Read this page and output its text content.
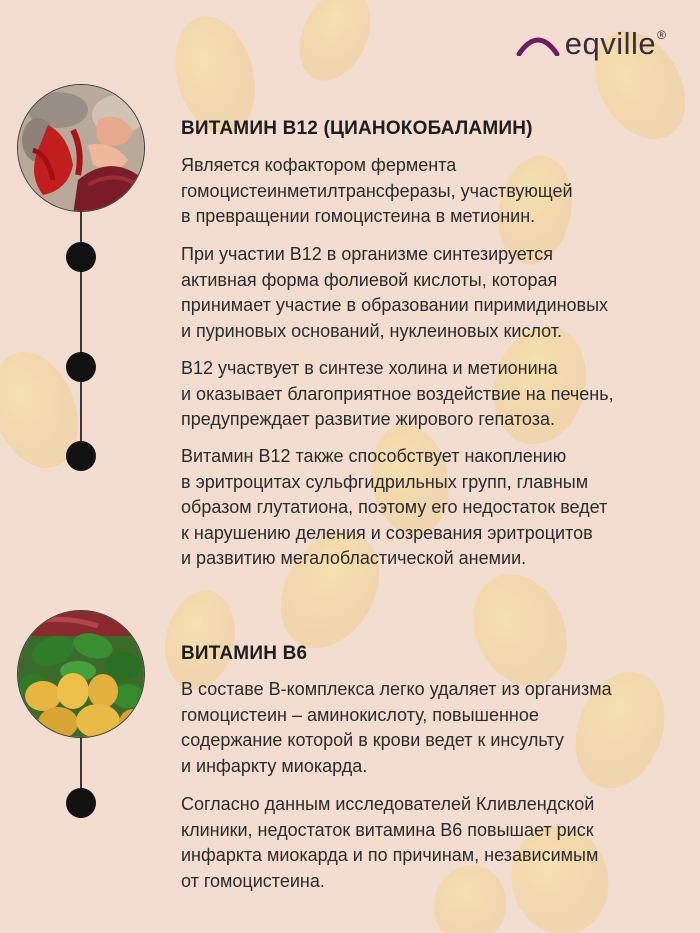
eqville ®
ВИТАМИН B12 (ЦИАНОКОБАЛАМИН)
Является кофактором фермента
гомоцистеинметилтрансферазы, участвующей
в превращении гомоцистеина в метионин.
При участии В12 в организме синтезируется
активная форма фолиевой кислоты, которая
принимает участие в образовании пиримидиновых
и пуриновых оснований, нуклеиновых кислот.
В12 участвует в синтезе холина и метионина
и оказывает благоприятное воздействие на печень,
предупреждает развитие жирового гепатоза.
Витамин В12 также способствует накоплению
в эритроцитах сульфгидрильных групп, главным
образом глутатиона, поэтому его недостаток ведет
к нарушению деления и созревания эритроцитов
и развитию мегалобластической анемии.
ВИТАМИН В6
В составе В-комплекса легко удаляет из организма
гомоцистеин – аминокислоту, повышенное
содержание которой в крови ведет к инсульту
и инфаркту миокарда.
Согласно данным исследователей Кливлендской
клиники, недостаток витамина В6 повышает риск
инфаркта миокарда и по причинам, независимым
от гомоцистеина.
